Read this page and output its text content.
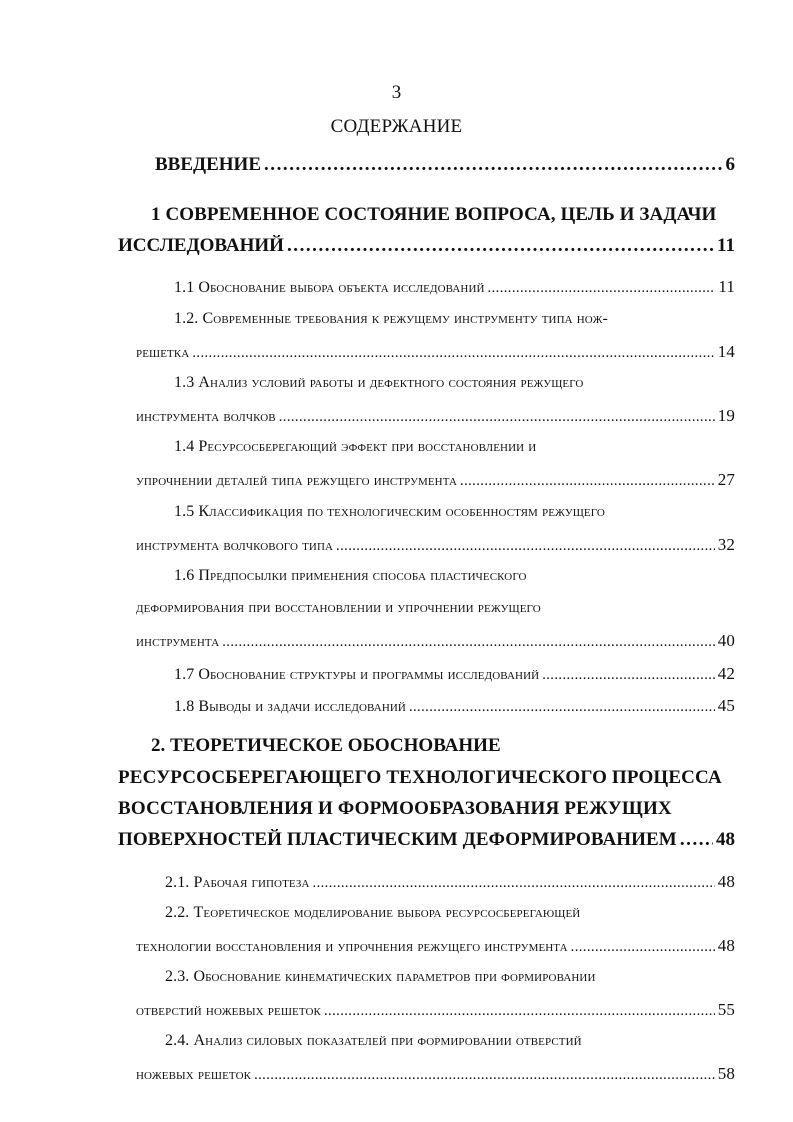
3
СОДЕРЖАНИЕ
ВВЕДЕНИЕ . . .	6
1 СОВРЕМЕННОЕ СОСТОЯНИЕ ВОПРОСА, ЦЕЛЬ И ЗАДАЧИ
ИССЛЕДОВАНИЙ . . .	11
1.1 Обоснование выбора объекта исследований . . .	11
1.2. Современные требования к режущему инструменту типа нож-
решетка . . .	14
1.3 Анализ условий работы и дефектного состояния режущего
инструмента волчков . . .	19
1.4 Ресурсосберегающий эффект при восстановлении и
упрочнении деталей типа режущего инструмента . . .	27
1.5 Классификация по технологическим особенностям режущего
инструмента волчкового типа . . .	32
1.6 Предпосылки применения способа пластического
деформирования при восстановлении и упрочнении режущего
инструмента . . .	40
1.7 Обоснование структуры и программы исследований . . .	42
1.8 Выводы и задачи исследований . . .	45
2. ТЕОРЕТИЧЕСКОЕ ОБОСНОВАНИЕ
РЕСУРСОСБЕРЕГАЮЩЕГО ТЕХНОЛОГИЧЕСКОГО ПРОЦЕССА
ВОССТАНОВЛЕНИЯ И ФОРМООБРАЗОВАНИЯ РЕЖУЩИХ
ПОВЕРХНОСТЕЙ ПЛАСТИЧЕСКИМ ДЕФОРМИРОВАНИЕМ . . . 48
2.1. Рабочая гипотеза . . .	48
2.2. Теоретическое моделирование выбора ресурсосберегающей
технологии восстановления и упрочнения режущего инструмента . . .	48
2.3. Обоснование кинематических параметров при формировании
отверстий ножевых решеток . . .	55
2.4. Анализ силовых показателей при формировании отверстий
ножевых решеток . . .	58
